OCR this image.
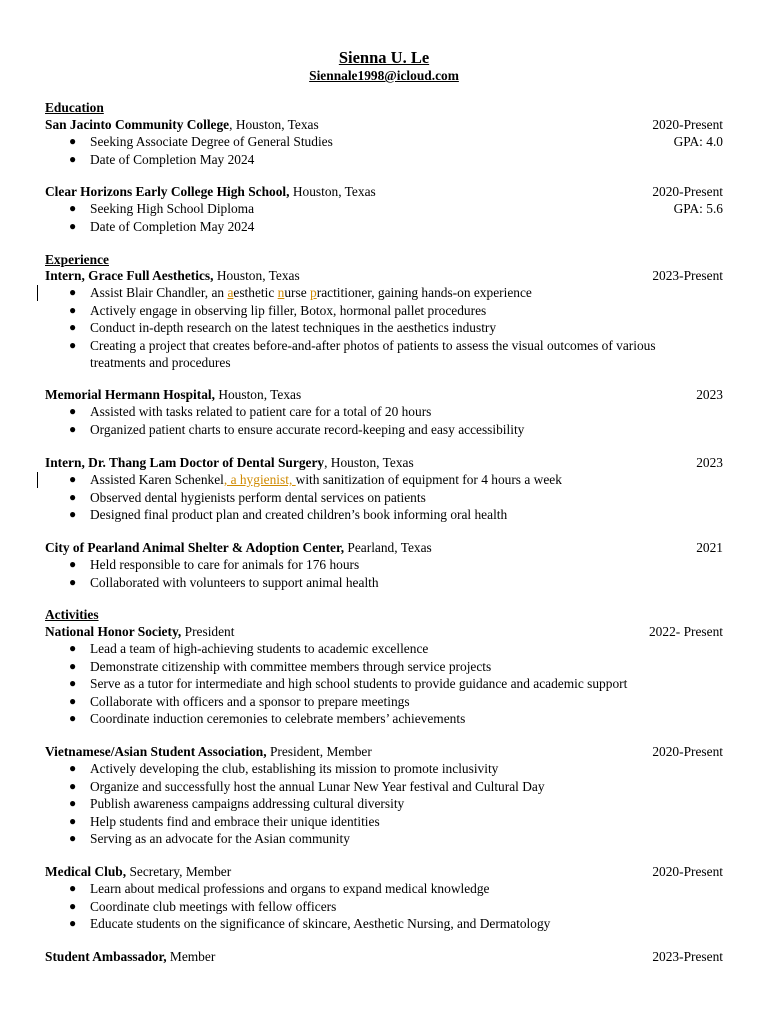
Sienna U. Le
Siennale1998@icloud.com
Education
San Jacinto Community College, Houston, Texas	2020-Present
● Seeking Associate Degree of General Studies	GPA: 4.0
● Date of Completion May 2024
Clear Horizons Early College High School, Houston, Texas	2020-Present
● Seeking High School Diploma	GPA: 5.6
● Date of Completion May 2024
Experience
Intern, Grace Full Aesthetics, Houston, Texas	2023-Present
● Assist Blair Chandler, an aesthetic nurse practitioner, gaining hands-on experience
● Actively engage in observing lip filler, Botox, hormonal pallet procedures
● Conduct in-depth research on the latest techniques in the aesthetics industry
● Creating a project that creates before-and-after photos of patients to assess the visual outcomes of various
treatments and procedures
Memorial Hermann Hospital, Houston, Texas	2023
● Assisted with tasks related to patient care for a total of 20 hours
● Organized patient charts to ensure accurate record-keeping and easy accessibility
Intern, Dr. Thang Lam Doctor of Dental Surgery, Houston, Texas	2023
● Assisted Karen Schenkel, a hygienist, with sanitization of equipment for 4 hours a week
● Observed dental hygienists perform dental services on patients
● Designed final product plan and created children’s book informing oral health
City of Pearland Animal Shelter & Adoption Center, Pearland, Texas	2021
● Held responsible to care for animals for 176 hours
● Collaborated with volunteers to support animal health
Activities
National Honor Society, President	2022- Present
● Lead a team of high-achieving students to academic excellence
● Demonstrate citizenship with committee members through service projects
● Serve as a tutor for intermediate and high school students to provide guidance and academic support
● Collaborate with officers and a sponsor to prepare meetings
● Coordinate induction ceremonies to celebrate members’ achievements
Vietnamese/Asian Student Association, President, Member	2020-Present
● Actively developing the club, establishing its mission to promote inclusivity
● Organize and successfully host the annual Lunar New Year festival and Cultural Day
● Publish awareness campaigns addressing cultural diversity
● Help students find and embrace their unique identities
● Serving as an advocate for the Asian community
Medical Club, Secretary, Member	2020-Present
● Learn about medical professions and organs to expand medical knowledge
● Coordinate club meetings with fellow officers
● Educate students on the significance of skincare, Aesthetic Nursing, and Dermatology
Student Ambassador, Member	2023-Present
